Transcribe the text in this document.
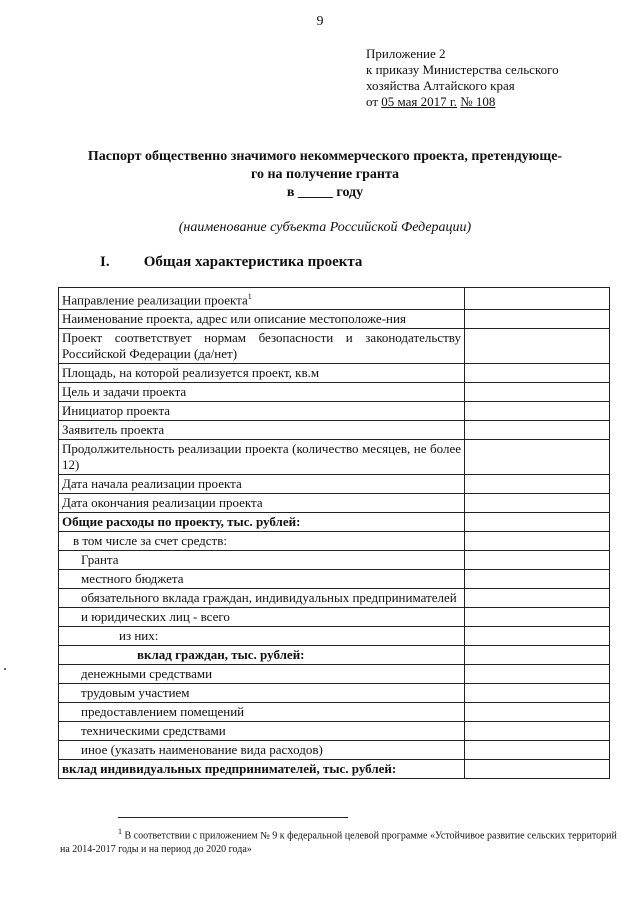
9
Приложение 2
к приказу Министерства сельского
хозяйства Алтайского края
от 05 мая 2017 г. № 108
Паспорт общественно значимого некоммерческого проекта, претендующе-
го на получение гранта
в _____ году
(наименование субъекта Российской Федерации)
I. Общая характеристика проекта
Направление реализации проекта$^1$	
Наименование проекта, адрес или описание местоположе-ния	
Проект соответствует нормам безопасности и законодательству Российской Федерации (да/нет)	
Площадь, на которой реализуется проект, кв.м	
Цель и задачи проекта	
Инициатор проекта	
Заявитель проекта	
Продолжительность реализации проекта (количество месяцев, не более 12)	
Дата начала реализации проекта	
Дата окончания реализации проекта	
Общие расходы по проекту, тыс. рублей:	
в том числе за счет средств:	
Гранта	
местного бюджета	
обязательного вклада граждан, индивидуальных предпринимателей	
и юридических лиц - всего	
из них:	
вклад граждан, тыс. рублей:	
денежными средствами	
трудовым участием	
предоставлением помещений	
техническими средствами	
иное (указать наименование вида расходов)	
вклад индивидуальных предпринимателей, тыс. рублей:	
$^1$ В соответствии с приложением № 9 к федеральной целевой программе «Устойчивое развитие сельских территорий на 2014-2017 годы и на период до 2020 года»
